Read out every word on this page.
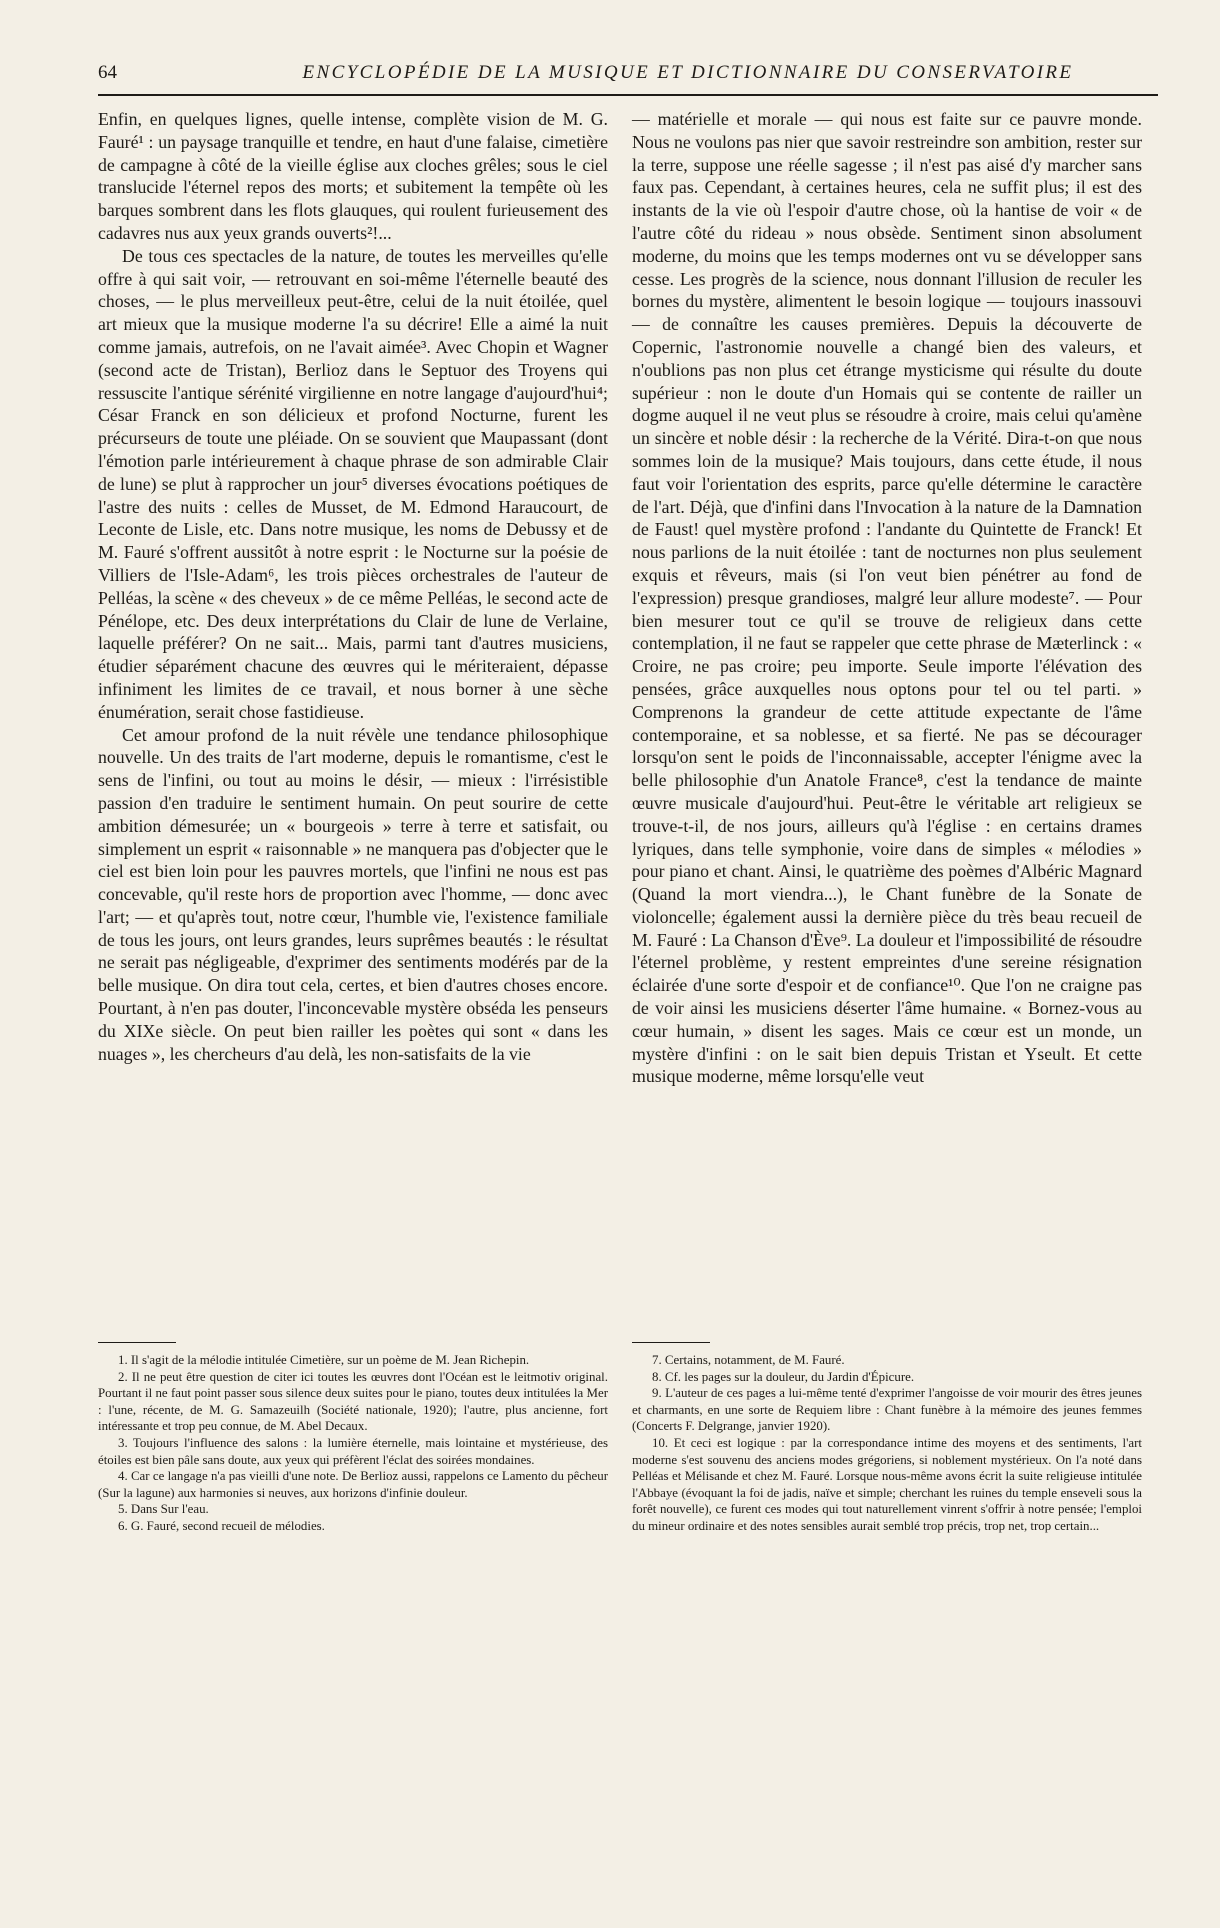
64	ENCYCLOPÉDIE DE LA MUSIQUE ET DICTIONNAIRE DU CONSERVATOIRE

Enfin, en quelques lignes, quelle intense, complète vision de M. G. Fauré¹ : un paysage tranquille et tendre, en haut d'une falaise, cimetière de campagne à côté de la vieille église aux cloches grêles; sous le ciel translucide l'éternel repos des morts; et subitement la tempête où les barques sombrent dans les flots glauques, qui roulent furieusement des cadavres nus aux yeux grands ouverts²!...

De tous ces spectacles de la nature, de toutes les merveilles qu'elle offre à qui sait voir, — retrouvant en soi-même l'éternelle beauté des choses, — le plus merveilleux peut-être, celui de la nuit étoilée, quel art mieux que la musique moderne l'a su décrire! Elle a aimé la nuit comme jamais, autrefois, on ne l'avait aimée³. Avec Chopin et Wagner (second acte de Tristan), Berlioz dans le Septuor des Troyens qui ressuscite l'antique sérénité virgilienne en notre langage d'aujourd'hui⁴; César Franck en son délicieux et profond Nocturne, furent les précurseurs de toute une pléiade. On se souvient que Maupassant (dont l'émotion parle intérieurement à chaque phrase de son admirable Clair de lune) se plut à rapprocher un jour⁵ diverses évocations poétiques de l'astre des nuits : celles de Musset, de M. Edmond Haraucourt, de Leconte de Lisle, etc. Dans notre musique, les noms de Debussy et de M. Fauré s'offrent aussitôt à notre esprit : le Nocturne sur la poésie de Villiers de l'Isle-Adam⁶, les trois pièces orchestrales de l'auteur de Pelléas, la scène « des cheveux » de ce même Pelléas, le second acte de Pénélope, etc. Des deux interprétations du Clair de lune de Verlaine, laquelle préférer? On ne sait... Mais, parmi tant d'autres musiciens, étudier séparément chacune des œuvres qui le mériteraient, dépasse infiniment les limites de ce travail, et nous borner à une sèche énumération, serait chose fastidieuse.

Cet amour profond de la nuit révèle une tendance philosophique nouvelle. Un des traits de l'art moderne, depuis le romantisme, c'est le sens de l'infini, ou tout au moins le désir, — mieux : l'irrésistible passion d'en traduire le sentiment humain. On peut sourire de cette ambition démesurée; un « bourgeois » terre à terre et satisfait, ou simplement un esprit « raisonnable » ne manquera pas d'objecter que le ciel est bien loin pour les pauvres mortels, que l'infini ne nous est pas concevable, qu'il reste hors de proportion avec l'homme, — donc avec l'art; — et qu'après tout, notre cœur, l'humble vie, l'existence familiale de tous les jours, ont leurs grandes, leurs suprêmes beautés : le résultat ne serait pas négligeable, d'exprimer des sentiments modérés par de la belle musique. On dira tout cela, certes, et bien d'autres choses encore. Pourtant, à n'en pas douter, l'inconcevable mystère obséda les penseurs du XIXe siècle. On peut bien railler les poètes qui sont « dans les nuages », les chercheurs d'au delà, les non-satisfaits de la vie

— matérielle et morale — qui nous est faite sur ce pauvre monde. Nous ne voulons pas nier que savoir restreindre son ambition, rester sur la terre, suppose une réelle sagesse ; il n'est pas aisé d'y marcher sans faux pas. Cependant, à certaines heures, cela ne suffit plus; il est des instants de la vie où l'espoir d'autre chose, où la hantise de voir « de l'autre côté du rideau » nous obsède. Sentiment sinon absolument moderne, du moins que les temps modernes ont vu se développer sans cesse. Les progrès de la science, nous donnant l'illusion de reculer les bornes du mystère, alimentent le besoin logique — toujours inassouvi — de connaître les causes premières. Depuis la découverte de Copernic, l'astronomie nouvelle a changé bien des valeurs, et n'oublions pas non plus cet étrange mysticisme qui résulte du doute supérieur : non le doute d'un Homais qui se contente de railler un dogme auquel il ne veut plus se résoudre à croire, mais celui qu'amène un sincère et noble désir : la recherche de la Vérité. Dira-t-on que nous sommes loin de la musique? Mais toujours, dans cette étude, il nous faut voir l'orientation des esprits, parce qu'elle détermine le caractère de l'art. Déjà, que d'infini dans l'Invocation à la nature de la Damnation de Faust! quel mystère profond : l'andante du Quintette de Franck! Et nous parlions de la nuit étoilée : tant de nocturnes non plus seulement exquis et rêveurs, mais (si l'on veut bien pénétrer au fond de l'expression) presque grandioses, malgré leur allure modeste⁷. — Pour bien mesurer tout ce qu'il se trouve de religieux dans cette contemplation, il ne faut se rappeler que cette phrase de Mæterlinck : « Croire, ne pas croire; peu importe. Seule importe l'élévation des pensées, grâce auxquelles nous optons pour tel ou tel parti. » Comprenons la grandeur de cette attitude expectante de l'âme contemporaine, et sa noblesse, et sa fierté. Ne pas se décourager lorsqu'on sent le poids de l'inconnaissable, accepter l'énigme avec la belle philosophie d'un Anatole France⁸, c'est la tendance de mainte œuvre musicale d'aujourd'hui. Peut-être le véritable art religieux se trouve-t-il, de nos jours, ailleurs qu'à l'église : en certains drames lyriques, dans telle symphonie, voire dans de simples « mélodies » pour piano et chant. Ainsi, le quatrième des poèmes d'Albéric Magnard (Quand la mort viendra...), le Chant funèbre de la Sonate de violoncelle; également aussi la dernière pièce du très beau recueil de M. Fauré : La Chanson d'Ève⁹. La douleur et l'impossibilité de résoudre l'éternel problème, y restent empreintes d'une sereine résignation éclairée d'une sorte d'espoir et de confiance¹⁰. Que l'on ne craigne pas de voir ainsi les musiciens déserter l'âme humaine. « Bornez-vous au cœur humain, » disent les sages. Mais ce cœur est un monde, un mystère d'infini : on le sait bien depuis Tristan et Yseult. Et cette musique moderne, même lorsqu'elle veut

1. Il s'agit de la mélodie intitulée Cimetière, sur un poème de M. Jean Richepin.

2. Il ne peut être question de citer ici toutes les œuvres dont l'Océan est le leitmotiv original. Pourtant il ne faut point passer sous silence deux suites pour le piano, toutes deux intitulées la Mer : l'une, récente, de M. G. Samazeuilh (Société nationale, 1920); l'autre, plus ancienne, fort intéressante et trop peu connue, de M. Abel Decaux.

3. Toujours l'influence des salons : la lumière éternelle, mais lointaine et mystérieuse, des étoiles est bien pâle sans doute, aux yeux qui préfèrent l'éclat des soirées mondaines.

4. Car ce langage n'a pas vieilli d'une note. De Berlioz aussi, rappelons ce Lamento du pêcheur (Sur la lagune) aux harmonies si neuves, aux horizons d'infinie douleur.

5. Dans Sur l'eau.

6. G. Fauré, second recueil de mélodies.

7. Certains, notamment, de M. Fauré.

8. Cf. les pages sur la douleur, du Jardin d'Épicure.

9. L'auteur de ces pages a lui-même tenté d'exprimer l'angoisse de voir mourir des êtres jeunes et charmants, en une sorte de Requiem libre : Chant funèbre à la mémoire des jeunes femmes (Concerts F. Delgrange, janvier 1920).

10. Et ceci est logique : par la correspondance intime des moyens et des sentiments, l'art moderne s'est souvenu des anciens modes grégoriens, si noblement mystérieux. On l'a noté dans Pelléas et Mélisande et chez M. Fauré. Lorsque nous-même avons écrit la suite religieuse intitulée l'Abbaye (évoquant la foi de jadis, naïve et simple; cherchant les ruines du temple enseveli sous la forêt nouvelle), ce furent ces modes qui tout naturellement vinrent s'offrir à notre pensée; l'emploi du mineur ordinaire et des notes sensibles aurait semblé trop précis, trop net, trop certain...
